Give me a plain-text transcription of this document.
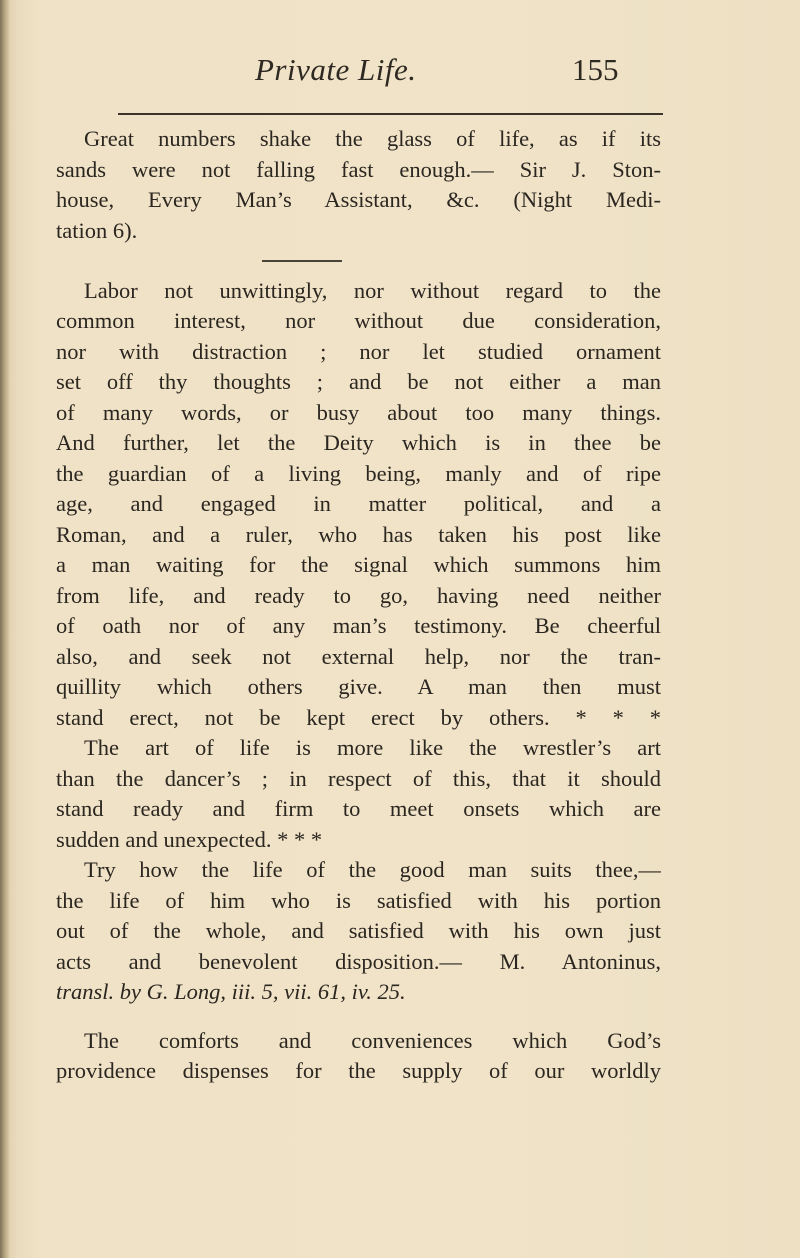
Private Life.	155
Great numbers shake the glass of life, as if its
sands were not falling fast enough.— Sir J. Ston-
house, Every Man’s Assistant, &c. (Night Medi-
tation 6).
Labor not unwittingly, nor without regard to the
common interest, nor without due consideration,
nor with distraction ; nor let studied ornament
set off thy thoughts ; and be not either a man
of many words, or busy about too many things.
And further, let the Deity which is in thee be
the guardian of a living being, manly and of ripe
age, and engaged in matter political, and a
Roman, and a ruler, who has taken his post like
a man waiting for the signal which summons him
from life, and ready to go, having need neither
of oath nor of any man’s testimony. Be cheerful
also, and seek not external help, nor the tran-
quillity which others give. A man then must
stand erect, not be kept erect by others. * * *
The art of life is more like the wrestler’s art
than the dancer’s ; in respect of this, that it should
stand ready and firm to meet onsets which are
sudden and unexpected. * * *
Try how the life of the good man suits thee,—
the life of him who is satisfied with his portion
out of the whole, and satisfied with his own just
acts and benevolent disposition.— M. Antoninus,
transl. by G. Long, iii. 5, vii. 61, iv. 25.
The comforts and conveniences which God’s
providence dispenses for the supply of our worldly
